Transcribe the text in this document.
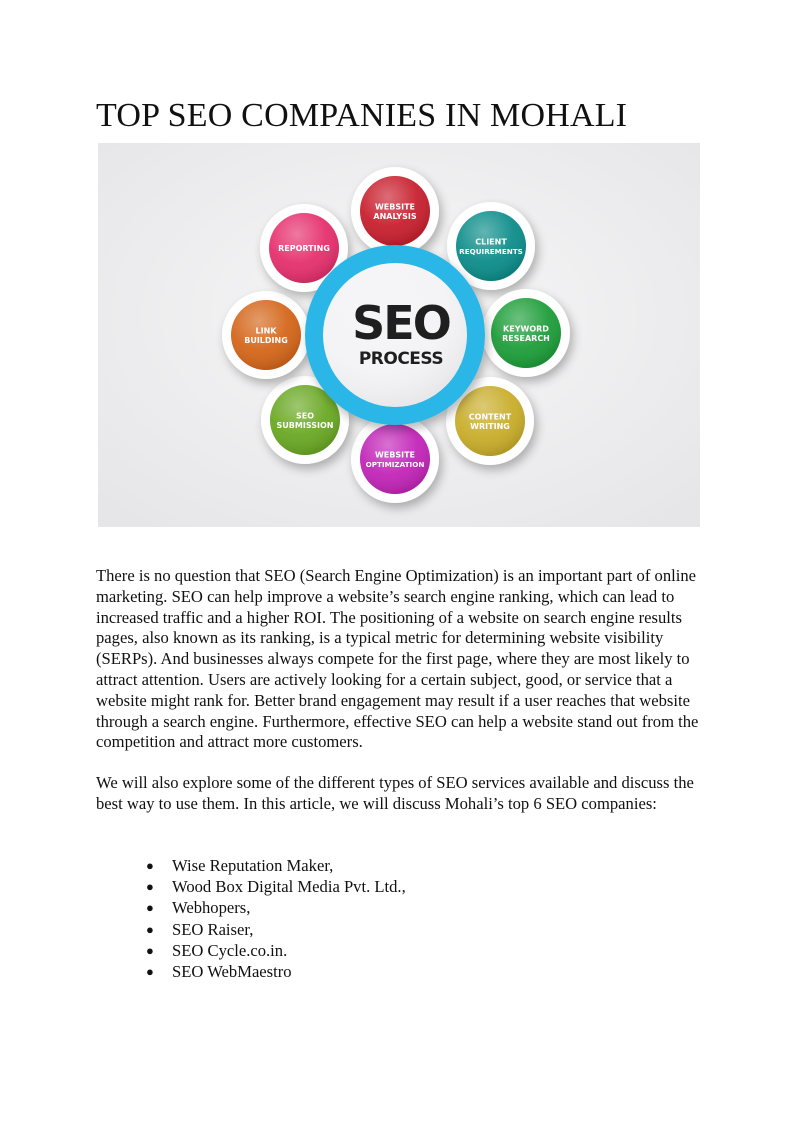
TOP SEO COMPANIES IN MOHALI
WEBSITE
ANALYSIS
CLIENT
REQUIREMENTS
KEYWORD
RESEARCH
CONTENT
WRITING
WEBSITE
OPTIMIZATION
SEO
SUBMISSION
LINK
BUILDING
REPORTING
SEO
PROCESS

There is no question that SEO (Search Engine Optimization) is an important part of online marketing. SEO can help improve a website’s search engine ranking, which can lead to increased traffic and a higher ROI. The positioning of a website on search engine results pages, also known as its ranking, is a typical metric for determining website visibility (SERPs). And businesses always compete for the first page, where they are most likely to attract attention. Users are actively looking for a certain subject, good, or service that a website might rank for. Better brand engagement may result if a user reaches that website through a search engine. Furthermore, effective SEO can help a website stand out from the competition and attract more customers.

We will also explore some of the different types of SEO services available and discuss the best way to use them. In this article, we will discuss Mohali’s top 6 SEO companies:

● Wise Reputation Maker,
● Wood Box Digital Media Pvt. Ltd.,
● Webhopers,
● SEO Raiser,
● SEO Cycle.co.in.
● SEO WebMaestro
